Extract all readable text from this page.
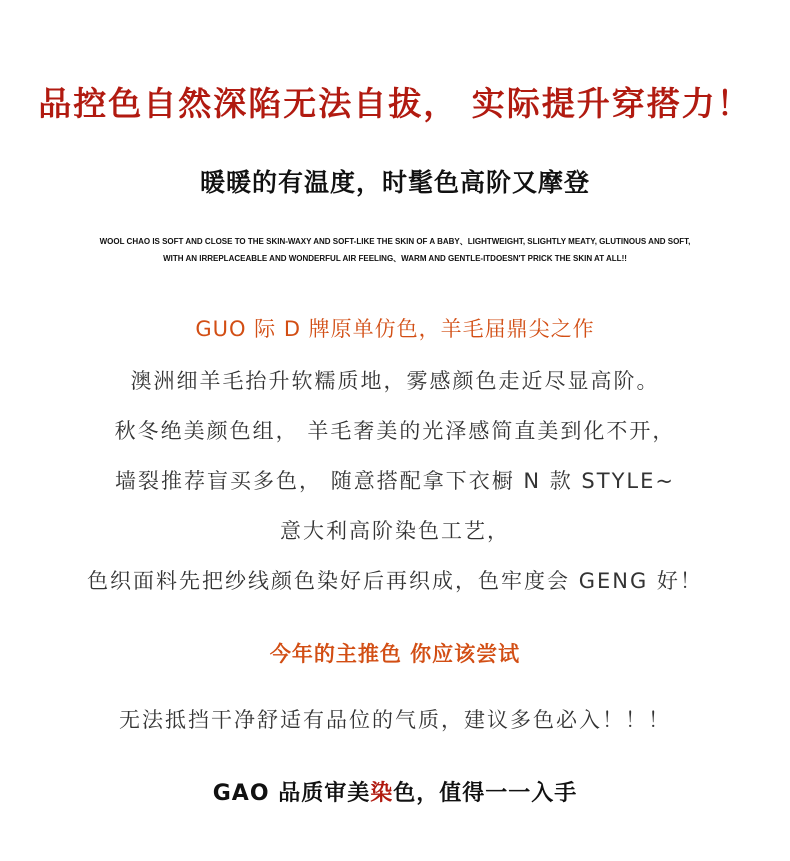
品控色自然深陷无法自拔， 实际提升穿搭力！
暖暖的有温度，时髦色高阶又摩登
WOOL CHAO IS SOFT AND CLOSE TO THE SKIN-WAXY AND SOFT-LIKE THE SKIN OF A BABY、LIGHTWEIGHT, SLIGHTLY MEATY, GLUTINOUS AND SOFT,
WITH AN IRREPLACEABLE AND WONDERFUL AIR FEELING、WARM AND GENTLE-ITDOESN'T PRICK THE SKIN AT ALL!!
GUO 际 D 牌原单仿色，羊毛届鼎尖之作
澳洲细羊毛抬升软糯质地，雾感颜色走近尽显高阶。
秋冬绝美颜色组， 羊毛奢美的光泽感简直美到化不开，
墙裂推荐盲买多色， 随意搭配拿下衣橱 N 款 STYLE~
意大利高阶染色工艺，
色织面料先把纱线颜色染好后再织成，色牢度会 GENG 好！
今年的主推色 你应该尝试
无法抵挡干净舒适有品位的气质，建议多色必入！！！
GAO 品质审美染色，值得一一入手
